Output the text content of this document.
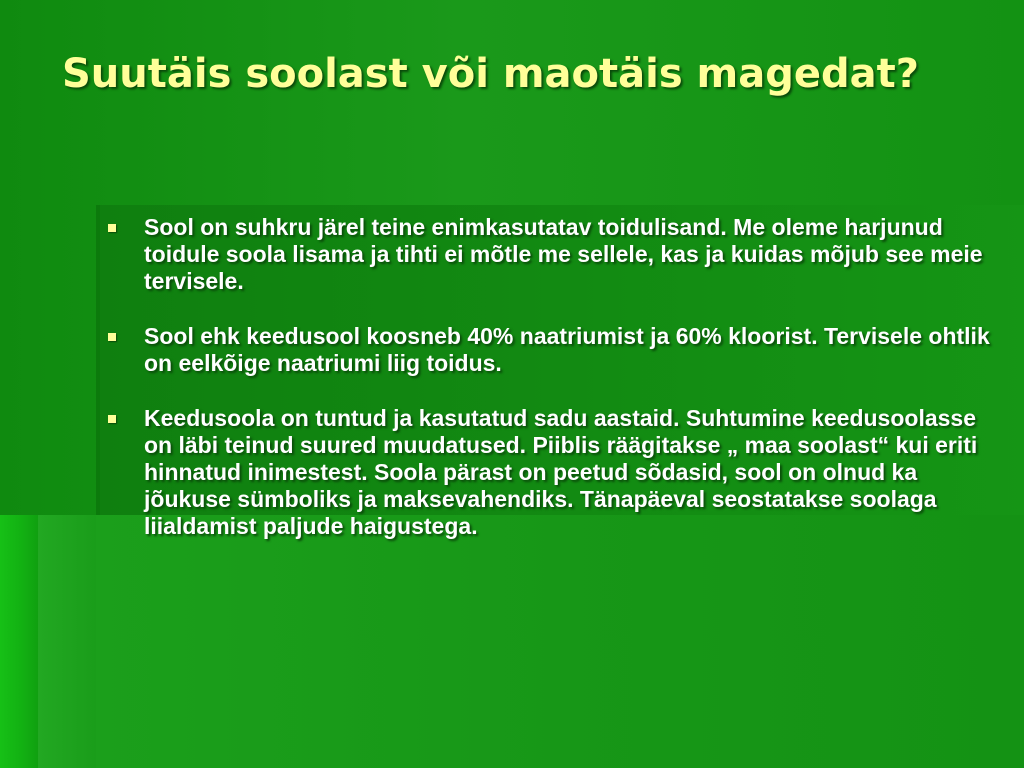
Suutäis soolast või maotäis magedat?
Sool on suhkru järel teine enimkasutatav toidulisand. Me oleme harjunud toidule soola lisama ja tihti ei mõtle me sellele, kas ja kuidas mõjub see meie tervisele.
Sool ehk keedusool koosneb 40% naatriumist ja 60% kloorist. Tervisele ohtlik on eelkõige naatriumi liig toidus.
Keedusoola on tuntud ja kasutatud sadu aastaid. Suhtumine keedusoolasse on läbi teinud suured muudatused. Piiblis räägitakse „ maa soolast“ kui eriti hinnatud inimestest. Soola pärast on peetud sõdasid, sool on olnud ka jõukuse sümboliks ja maksevahendiks. Tänapäeval seostatakse soolaga liialdamist paljude haigustega.
